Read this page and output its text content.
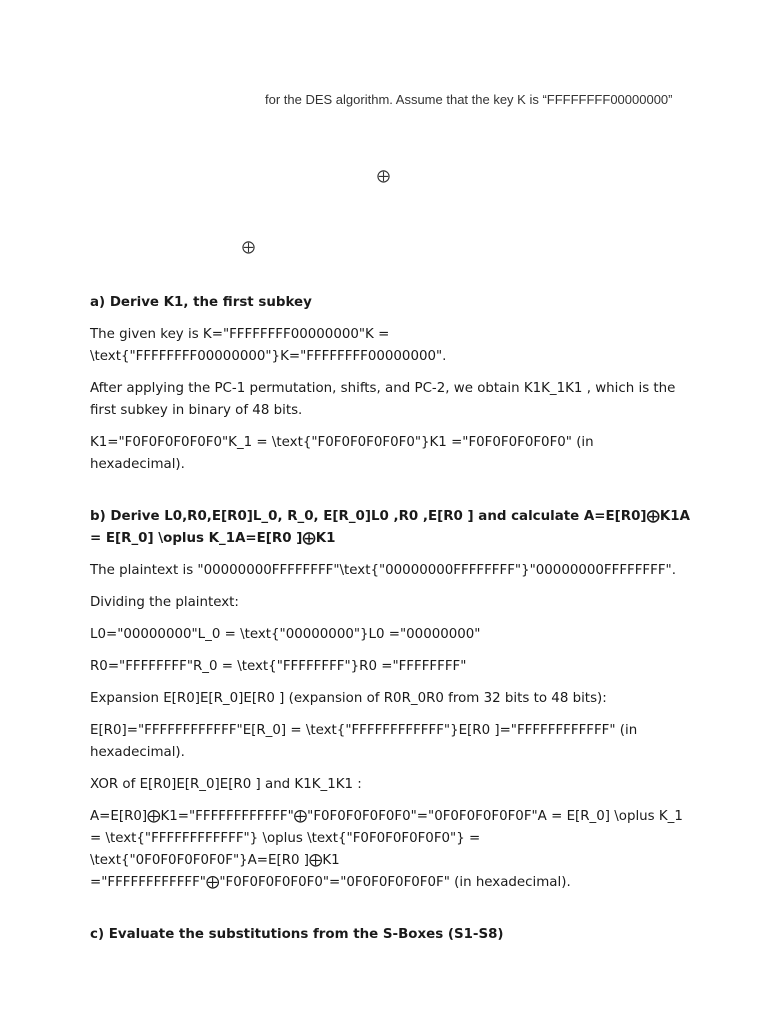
for the DES algorithm. Assume that the key K is “FFFFFFFF00000000”
⨁
⨁
a) Derive K1, the first subkey

The given key is K="FFFFFFFF00000000"K = \text{"FFFFFFFF00000000"}K="FFFFFFFF00000000".

After applying the PC-1 permutation, shifts, and PC-2, we obtain K1K_1K1 , which is the first subkey in binary of 48 bits.

K1="F0F0F0F0F0F0"K_1 = \text{"F0F0F0F0F0F0"}K1 ="F0F0F0F0F0F0" (in hexadecimal).

b) Derive L0,R0,E[R0]L_0, R_0, E[R_0]L0 ,R0 ,E[R0 ] and calculate A=E[R0]⨁K1A = E[R_0] \oplus K_1A=E[R0 ]⨁K1

The plaintext is "00000000FFFFFFFF"\text{"00000000FFFFFFFF"}"00000000FFFFFFFF".

Dividing the plaintext:

L0="00000000"L_0 = \text{"00000000"}L0 ="00000000"

R0="FFFFFFFF"R_0 = \text{"FFFFFFFF"}R0 ="FFFFFFFF"

Expansion E[R0]E[R_0]E[R0 ] (expansion of R0R_0R0 from 32 bits to 48 bits):

E[R0]="FFFFFFFFFFFF"E[R_0] = \text{"FFFFFFFFFFFF"}E[R0 ]="FFFFFFFFFFFF" (in hexadecimal).

XOR of E[R0]E[R_0]E[R0 ] and K1K_1K1 :

A=E[R0]⨁K1="FFFFFFFFFFFF"⨁"F0F0F0F0F0F0"="0F0F0F0F0F0F"A = E[R_0] \oplus K_1 = \text{"FFFFFFFFFFFF"} \oplus \text{"F0F0F0F0F0F0"} = \text{"0F0F0F0F0F0F"}A=E[R0 ]⨁K1 ="FFFFFFFFFFFF"⨁"F0F0F0F0F0F0"="0F0F0F0F0F0F" (in hexadecimal).

c) Evaluate the substitutions from the S-Boxes (S1-S8)
